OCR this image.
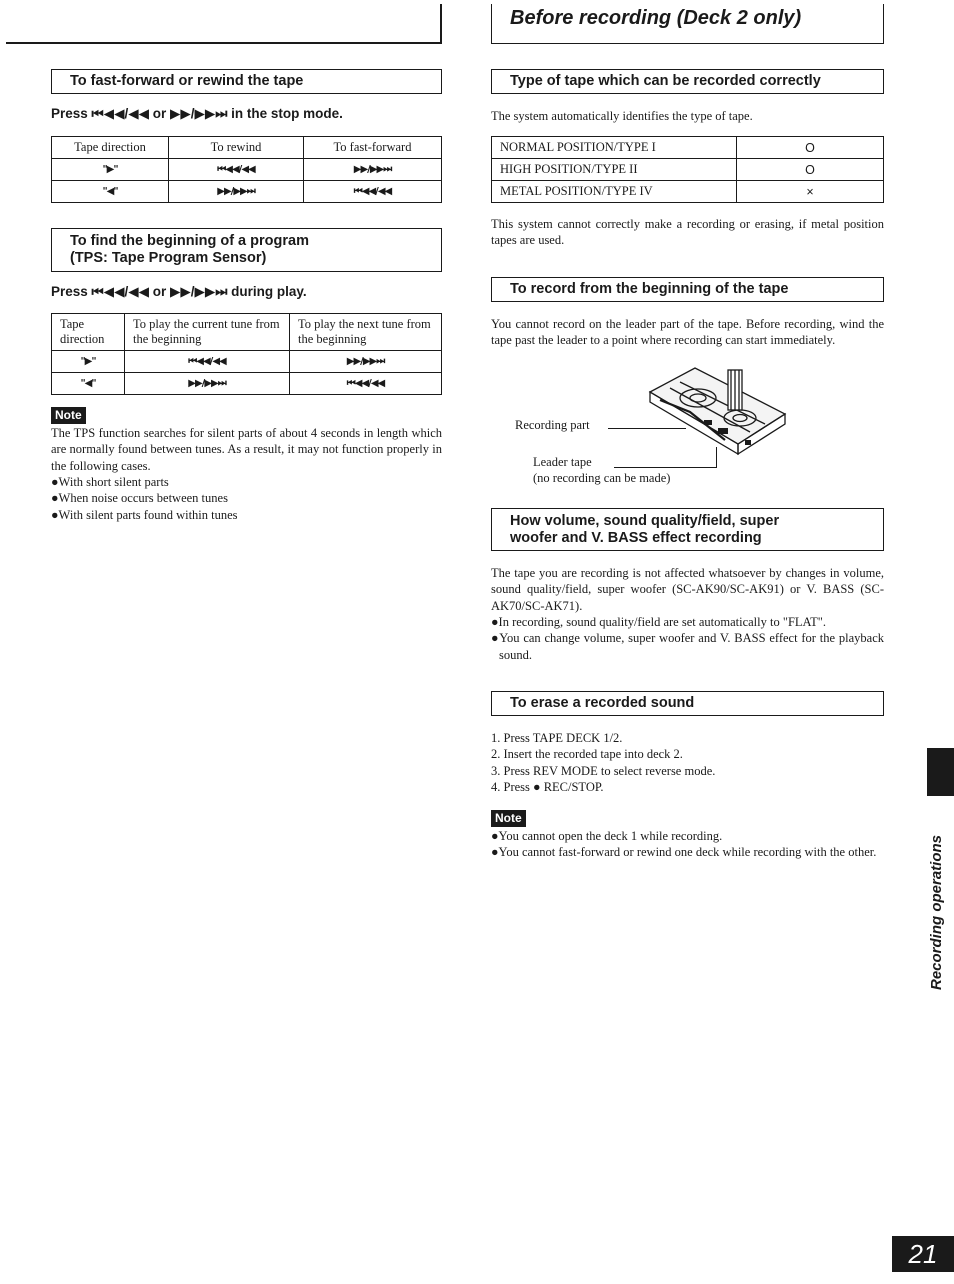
Before recording (Deck 2 only)
To fast-forward or rewind the tape
Press ⏮◀◀/◀◀ or ▶▶/▶▶⏭ in the stop mode.
Tape direction	To rewind	To fast-forward
"▶"	⏮◀◀/◀◀	▶▶/▶▶⏭
"◀"	▶▶/▶▶⏭	⏮◀◀/◀◀
To find the beginning of a program
(TPS: Tape Program Sensor)
Press ⏮◀◀/◀◀ or ▶▶/▶▶⏭ during play.
Tape direction	To play the current tune from the beginning	To play the next tune from the beginning
"▶"	⏮◀◀/◀◀	▶▶/▶▶⏭
"◀"	▶▶/▶▶⏭	⏮◀◀/◀◀
Note
The TPS function searches for silent parts of about 4 seconds in length which are normally found between tunes. As a result, it may not function properly in the following cases.
●With short silent parts
●When noise occurs between tunes
●With silent parts found within tunes
Type of tape which can be recorded correctly
The system automatically identifies the type of tape.
NORMAL POSITION/TYPE I	O
HIGH POSITION/TYPE II	O
METAL POSITION/TYPE IV	×
This system cannot correctly make a recording or erasing, if metal position tapes are used.
To record from the beginning of the tape
You cannot record on the leader part of the tape. Before recording, wind the tape past the leader to a point where recording can start immediately.
Recording part
Leader tape
(no recording can be made)
How volume, sound quality/field, super
woofer and V. BASS effect recording
The tape you are recording is not affected whatsoever by changes in volume, sound quality/field, super woofer (SC-AK90/SC-AK91) or V. BASS (SC-AK70/SC-AK71).
●In recording, sound quality/field are set automatically to "FLAT".
●You can change volume, super woofer and V. BASS effect for the playback sound.
To erase a recorded sound
1. Press TAPE DECK 1/2.
2. Insert the recorded tape into deck 2.
3. Press REV MODE to select reverse mode.
4. Press ● REC/STOP.
Note
●You cannot open the deck 1 while recording.
●You cannot fast-forward or rewind one deck while recording with the other.	Recording operations
21
